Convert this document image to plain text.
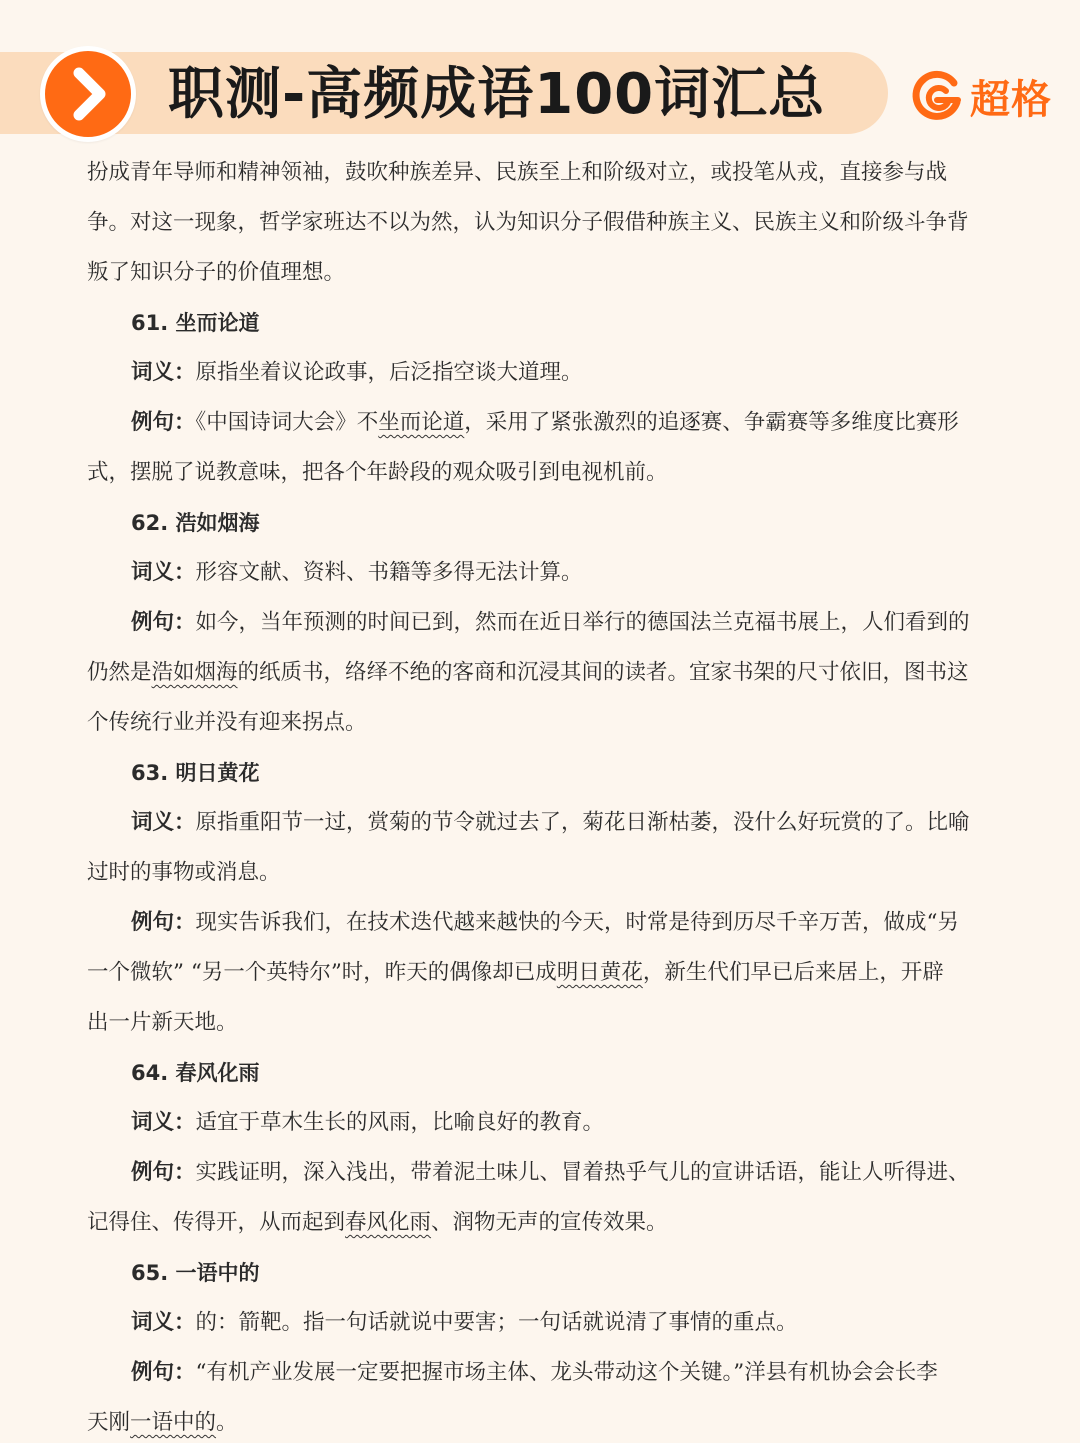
职测-高频成语100词汇总	超格
扮成青年导师和精神领袖，鼓吹种族差异、民族至上和阶级对立，或投笔从戎，直接参与战
争。对这一现象，哲学家班达不以为然，认为知识分子假借种族主义、民族主义和阶级斗争背
叛了知识分子的价值理想。
61. 坐而论道
词义：原指坐着议论政事，后泛指空谈大道理。
例句：《中国诗词大会》不坐而论道，采用了紧张激烈的追逐赛、争霸赛等多维度比赛形
式，摆脱了说教意味，把各个年龄段的观众吸引到电视机前。
62. 浩如烟海
词义：形容文献、资料、书籍等多得无法计算。
例句：如今，当年预测的时间已到，然而在近日举行的德国法兰克福书展上，人们看到的
仍然是浩如烟海的纸质书，络绎不绝的客商和沉浸其间的读者。宜家书架的尺寸依旧，图书这
个传统行业并没有迎来拐点。
63. 明日黄花
词义：原指重阳节一过，赏菊的节令就过去了，菊花日渐枯萎，没什么好玩赏的了。比喻
过时的事物或消息。
例句：现实告诉我们，在技术迭代越来越快的今天，时常是待到历尽千辛万苦，做成“另
一个微软” “另一个英特尔”时，昨天的偶像却已成明日黄花，新生代们早已后来居上，开辟
出一片新天地。
64. 春风化雨
词义：适宜于草木生长的风雨，比喻良好的教育。
例句：实践证明，深入浅出，带着泥土味儿、冒着热乎气儿的宣讲话语，能让人听得进、
记得住、传得开，从而起到春风化雨、润物无声的宣传效果。
65. 一语中的
词义：的：箭靶。指一句话就说中要害；一句话就说清了事情的重点。
例句：“有机产业发展一定要把握市场主体、龙头带动这个关键。”洋县有机协会会长李
天刚一语中的。
